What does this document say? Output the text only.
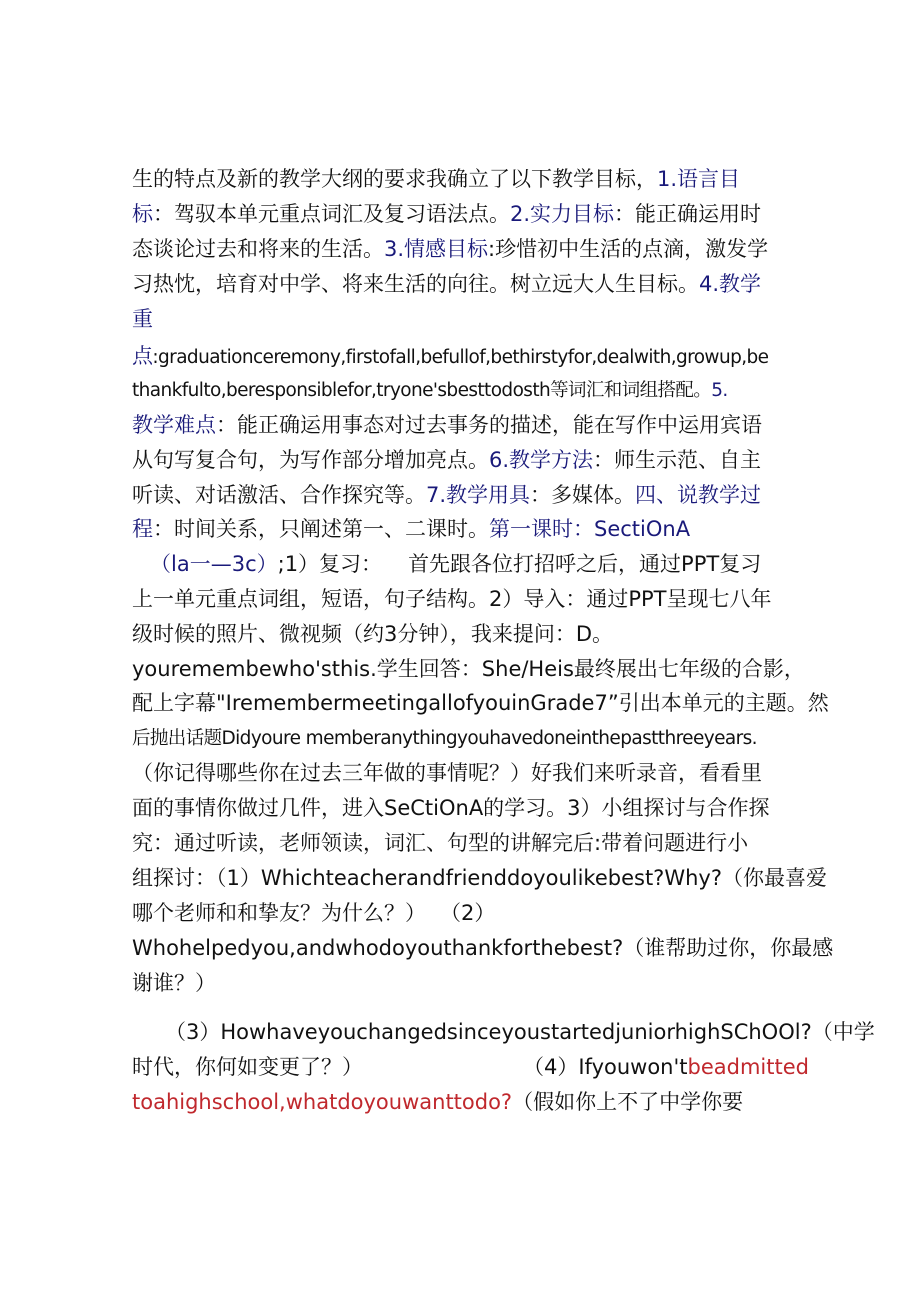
生的特点及新的教学大纲的要求我确立了以下教学目标，1.语言目
标：驾驭本单元重点词汇及复习语法点。2.实力目标：能正确运用时
态谈论过去和将来的生活。3.情感目标:珍惜初中生活的点滴，激发学
习热忱，培育对中学、将来生活的向往。树立远大人生目标。4.教学
重
点:graduationceremony,firstofall,befullof,bethirstyfor,dealwith,growup,be
thankfulto,beresponsiblefor,tryone'sbesttodosth等词汇和词组搭配。5.
教学难点：能正确运用事态对过去事务的描述，能在写作中运用宾语
从句写复合句，为写作部分增加亮点。6.教学方法：师生示范、自主
听读、对话激活、合作探究等。7.教学用具：多媒体。四、说教学过
程：时间关系，只阐述第一、二课时。第一课时：SectiOnA
（la一—3c）;1）复习： 首先跟各位打招呼之后，通过PPT复习
上一单元重点词组，短语，句子结构。2）导入：通过PPT呈现七八年
级时候的照片、微视频（约3分钟），我来提问：D。
youremembewho'sthis.学生回答：She/Heis最终展出七年级的合影，
配上字幕"IremembermeetingallofyouinGrade7”引出本单元的主题。然
后抛出话题Didyoure memberanythingyouhavedoneinthepastthreeyears.
（你记得哪些你在过去三年做的事情呢？）好我们来听录音，看看里
面的事情你做过几件，进入SeCtiOnA的学习。3）小组探讨与合作探
究：通过听读，老师领读，词汇、句型的讲解完后:带着问题进行小
组探讨：（1）Whichteacherandfrienddoyoulikebest?Why?（你最喜爱
哪个老师和和挚友？为什么？） （2）
Whohelpedyou,andwhodoyouthankforthebest?（谁帮助过你，你最感
谢谁？）
（3）HowhaveyouchangedsinceyoustartedjuniorhighSChOOl?（中学
时代，你何如变更了？）	（4）Ifyouwon'tbeadmitted
toahighschool,whatdoyouwanttodo?（假如你上不了中学你要
